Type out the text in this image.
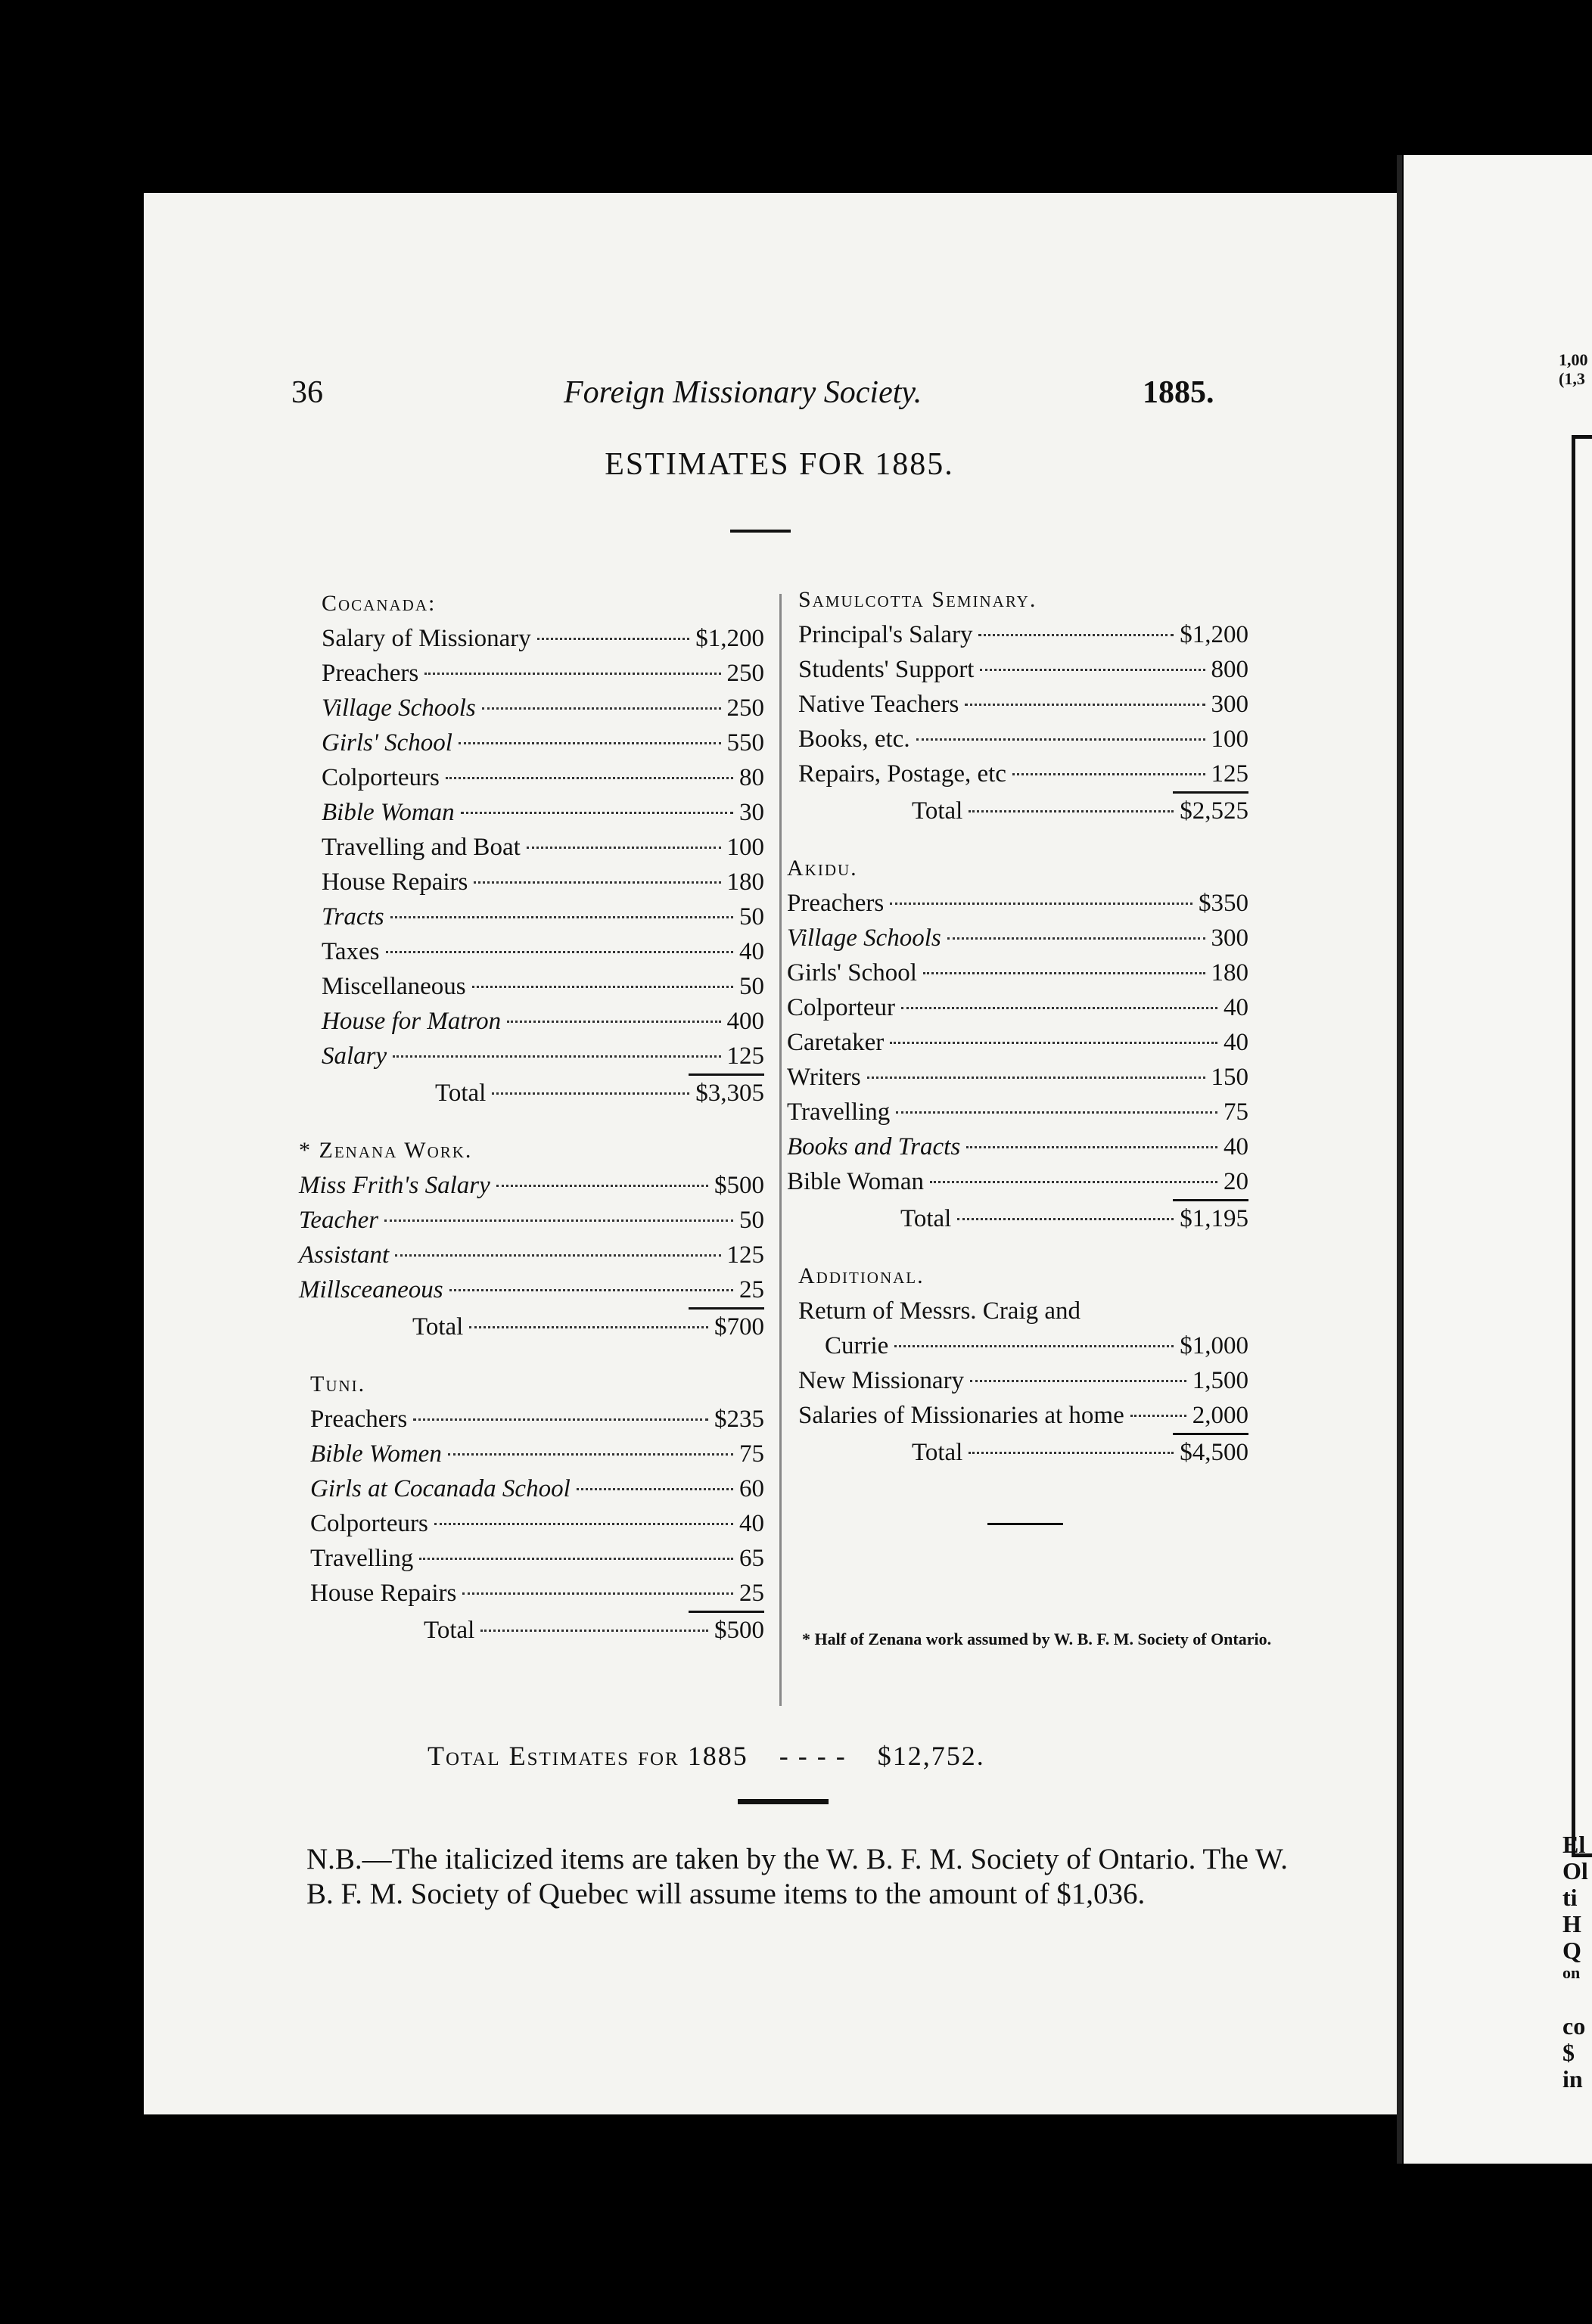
1,00
(1,3
El
Ol
ti
H
Q
on
co
$
in
36	Foreign Missionary Society.	1885.
ESTIMATES FOR 1885.
Cocanada:
Salary of Missionary	$1,200
Preachers	250
Village Schools	250
Girls' School	550
Colporteurs	80
Bible Woman	30
Travelling and Boat	100
House Repairs	180
Tracts	50
Taxes	40
Miscellaneous	50
House for Matron	400
Salary	125
Total	$3,305
* Zenana Work.
Miss Frith's Salary	$500
Teacher	50
Assistant	125
Millsceaneous	25
Total	$700
Tuni.
Preachers	$235
Bible Women	75
Girls at Cocanada School	60
Colporteurs	40
Travelling	65
House Repairs	25
Total	$500
Samulcotta Seminary.
Principal's Salary	$1,200
Students' Support	800
Native Teachers	300
Books, etc.	100
Repairs, Postage, etc	125
Total	$2,525
Akidu.
Preachers	$350
Village Schools	300
Girls' School	180
Colporteur	40
Caretaker	40
Writers	150
Travelling	75
Books and Tracts	40
Bible Woman	20
Total	$1,195
Additional.
Return of Messrs. Craig and
Currie	$1,000
New Missionary	1,500
Salaries of Missionaries at home	2,000
Total	$4,500
* Half of Zenana work assumed by W. B. F. M. Society of Ontario.
Total Estimates for 1885 - - - - $12,752.
N.B.—The italicized items are taken by the W. B. F. M. Society of Ontario. The W. B. F. M. Society of Quebec will assume items to the amount of $1,036.
